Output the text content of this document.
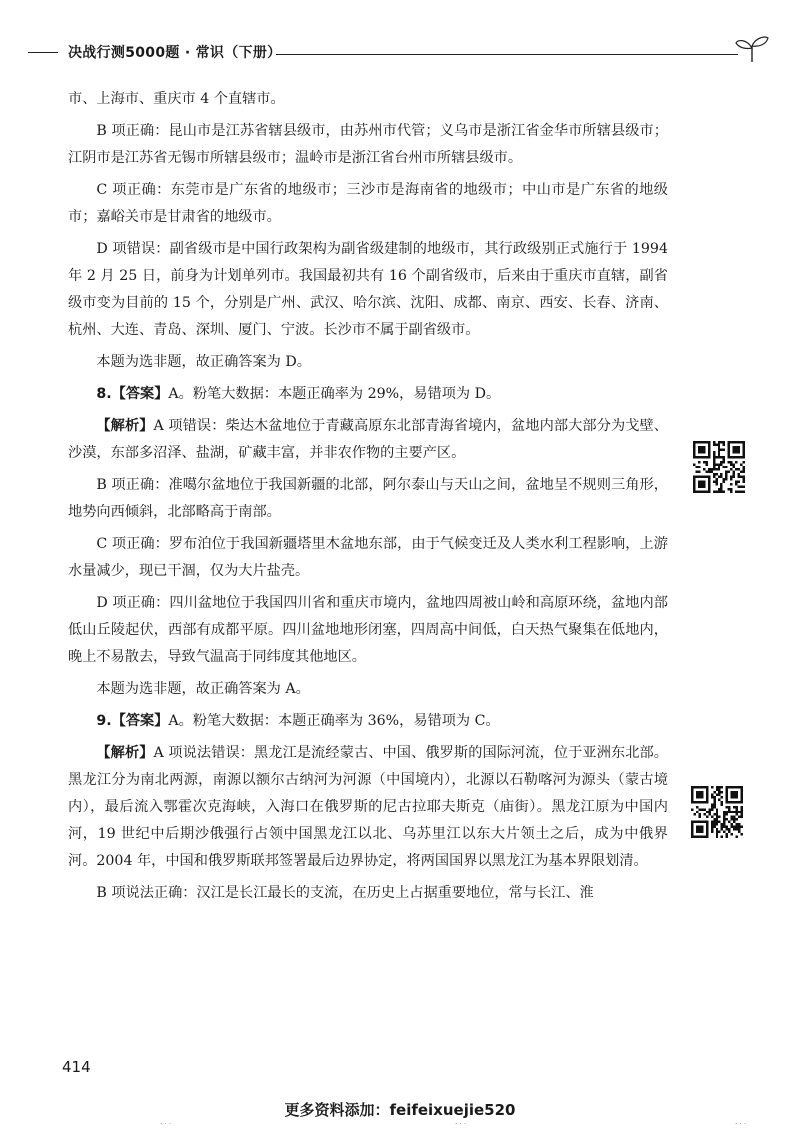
决战行测5000题 · 常识（下册）

市、上海市、重庆市 4 个直辖市。

B 项正确：昆山市是江苏省辖县级市，由苏州市代管；义乌市是浙江省金华市所辖县级市；江阴市是江苏省无锡市所辖县级市；温岭市是浙江省台州市所辖县级市。

C 项正确：东莞市是广东省的地级市；三沙市是海南省的地级市；中山市是广东省的地级市；嘉峪关市是甘肃省的地级市。

D 项错误：副省级市是中国行政架构为副省级建制的地级市，其行政级别正式施行于 1994 年 2 月 25 日，前身为计划单列市。我国最初共有 16 个副省级市，后来由于重庆市直辖，副省级市变为目前的 15 个，分别是广州、武汉、哈尔滨、沈阳、成都、南京、西安、长春、济南、杭州、大连、青岛、深圳、厦门、宁波。长沙市不属于副省级市。

本题为选非题，故正确答案为 D。

8.【答案】A。粉笔大数据：本题正确率为 29%，易错项为 D。

【解析】A 项错误：柴达木盆地位于青藏高原东北部青海省境内，盆地内部大部分为戈壁、沙漠，东部多沼泽、盐湖，矿藏丰富，并非农作物的主要产区。

B 项正确：准噶尔盆地位于我国新疆的北部，阿尔泰山与天山之间，盆地呈不规则三角形，地势向西倾斜，北部略高于南部。

C 项正确：罗布泊位于我国新疆塔里木盆地东部，由于气候变迁及人类水利工程影响，上游水量减少，现已干涸，仅为大片盐壳。

D 项正确：四川盆地位于我国四川省和重庆市境内，盆地四周被山岭和高原环绕，盆地内部低山丘陵起伏，西部有成都平原。四川盆地地形闭塞，四周高中间低，白天热气聚集在低地内，晚上不易散去，导致气温高于同纬度其他地区。

本题为选非题，故正确答案为 A。

9.【答案】A。粉笔大数据：本题正确率为 36%，易错项为 C。

【解析】A 项说法错误：黑龙江是流经蒙古、中国、俄罗斯的国际河流，位于亚洲东北部。黑龙江分为南北两源，南源以额尔古纳河为河源（中国境内），北源以石勒喀河为源头（蒙古境内），最后流入鄂霍次克海峡，入海口在俄罗斯的尼古拉耶夫斯克（庙街）。黑龙江原为中国内河，19 世纪中后期沙俄强行占领中国黑龙江以北、乌苏里江以东大片领土之后，成为中俄界河。2004 年，中国和俄罗斯联邦签署最后边界协定，将两国国界以黑龙江为基本界限划清。

B 项说法正确：汉江是长江最长的支流，在历史上占据重要地位，常与长江、淮

414
更多资料添加：feifeixuejie520
· · ·	· · ·	· · ·
